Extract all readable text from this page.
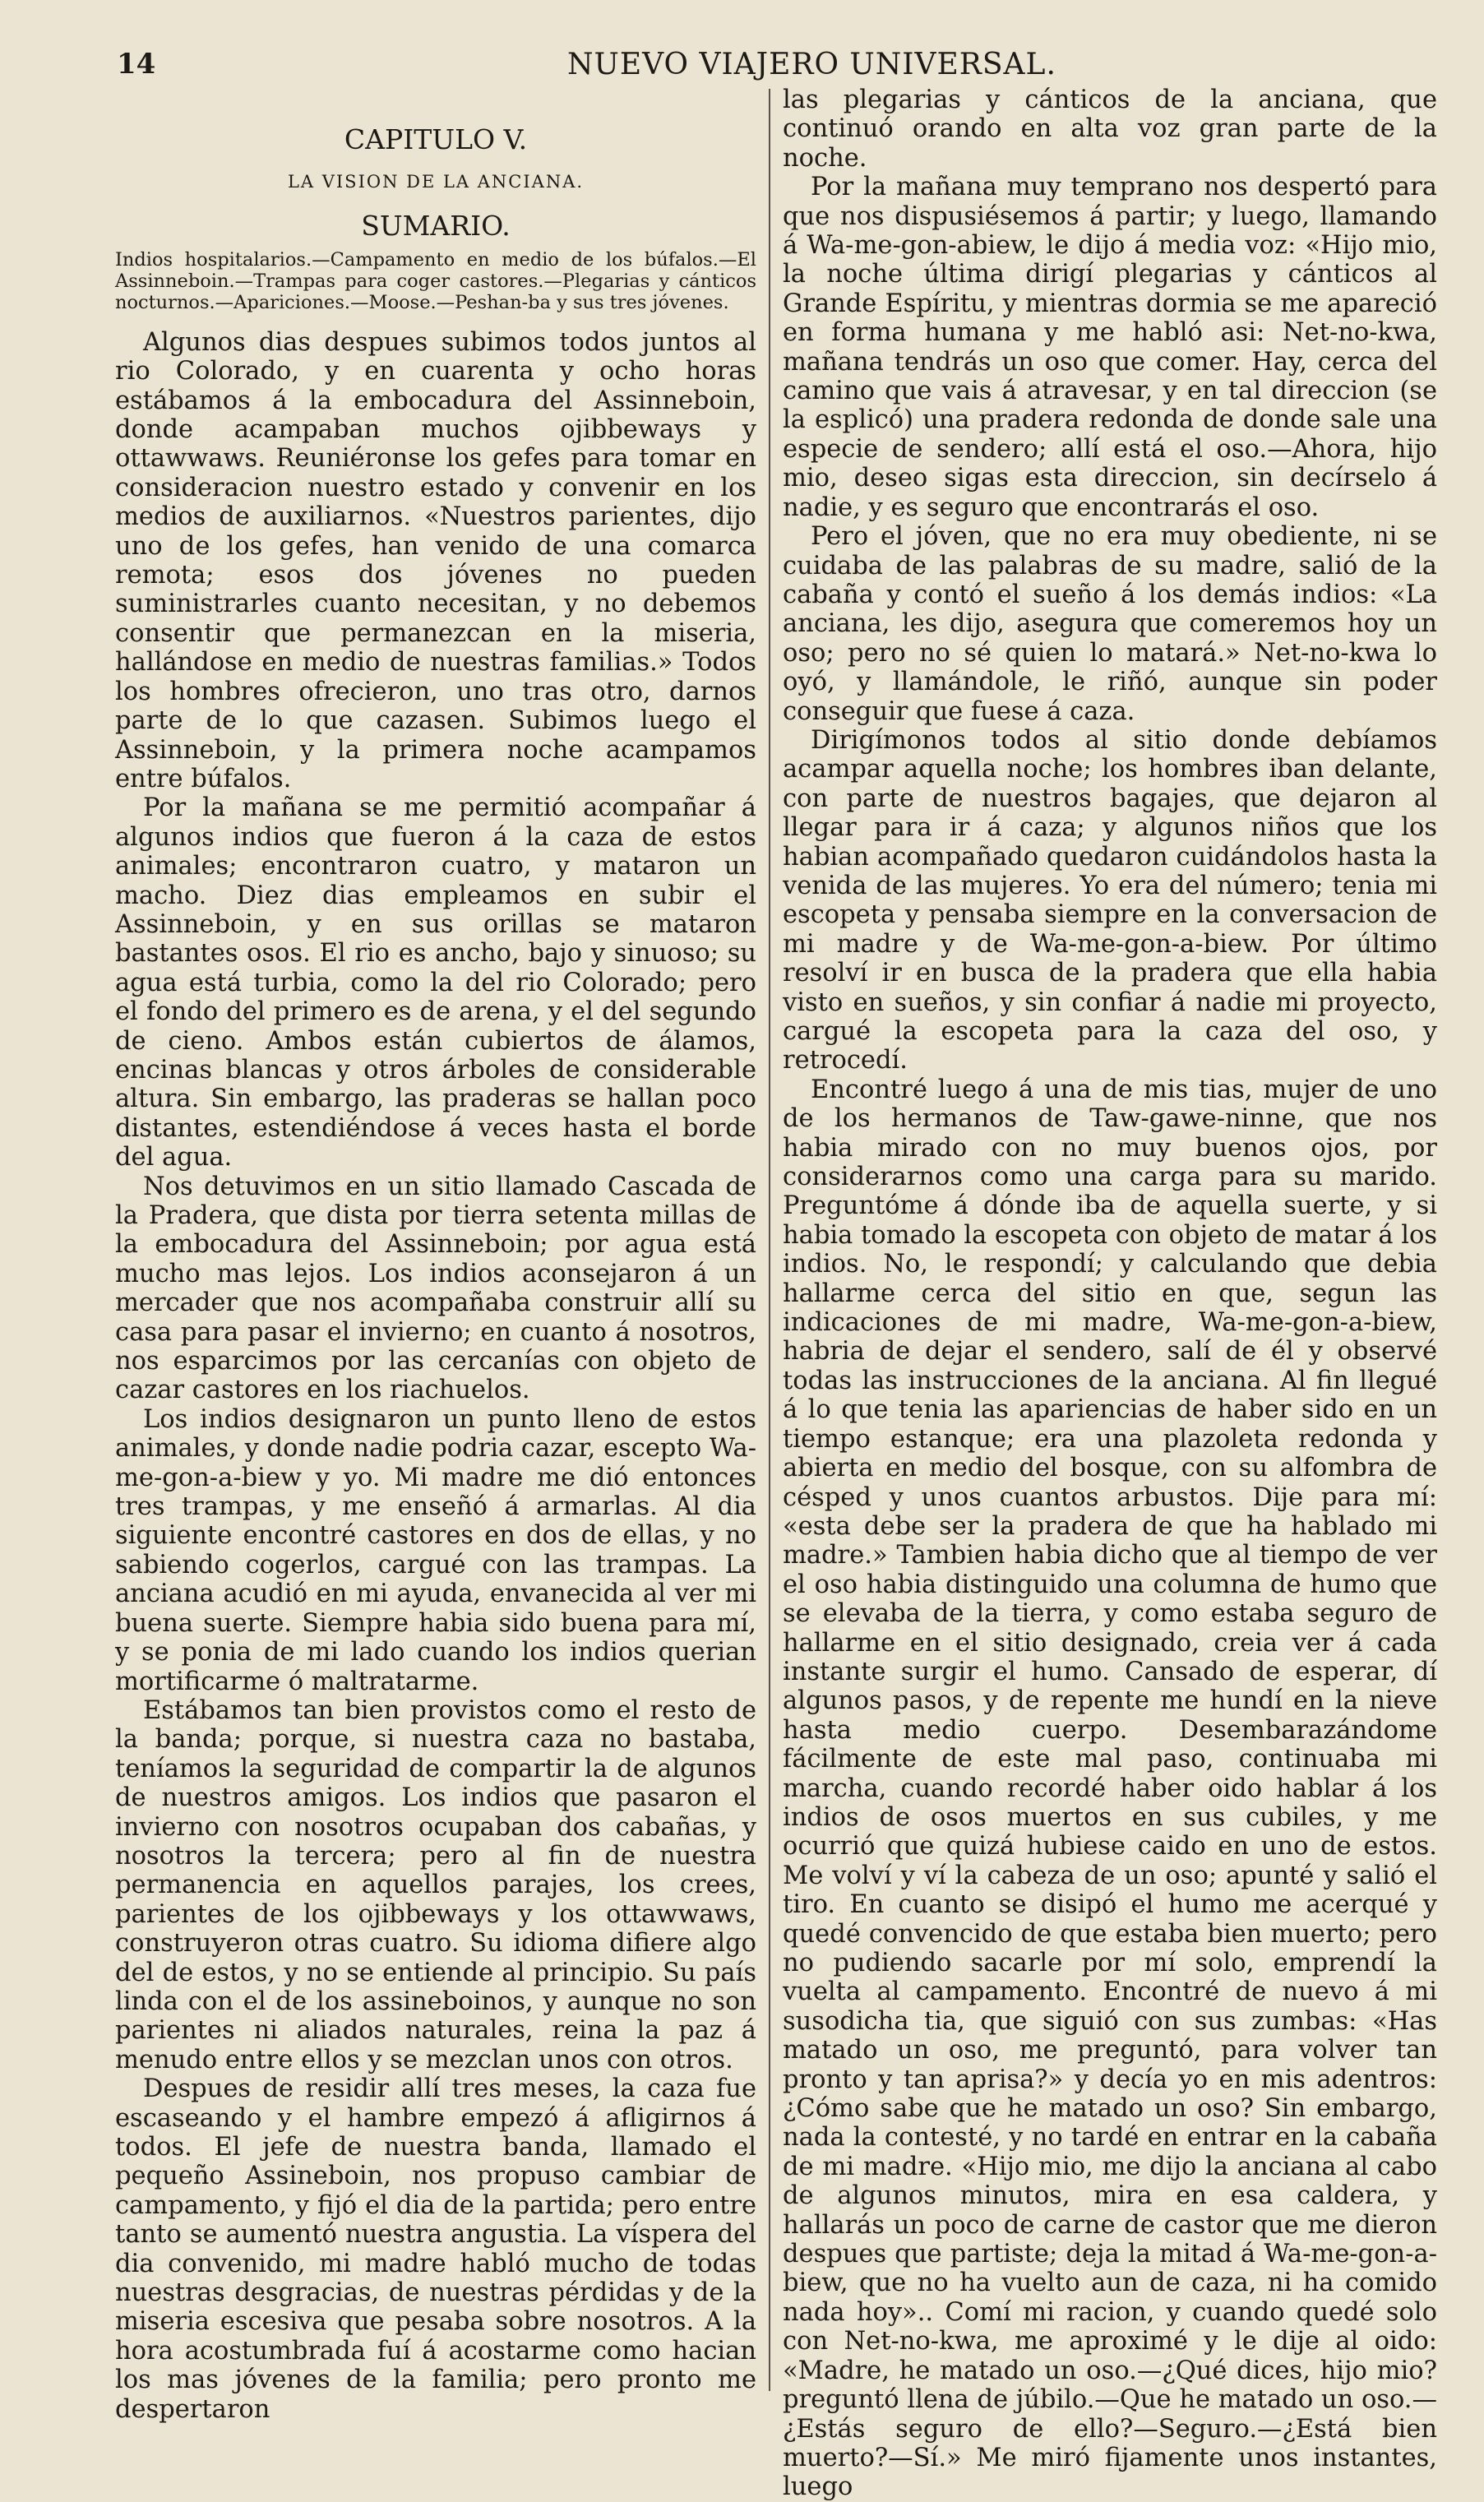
14	NUEVO VIAJERO UNIVERSAL.
CAPITULO V.
LA VISION DE LA ANCIANA.
SUMARIO.
Indios hospitalarios.—Campamento en medio de los búfalos.—El Assinneboin.—Trampas para coger castores.—Plegarias y cánticos nocturnos.—Apariciones.—Moose.—Peshan-ba y sus tres jóvenes.

Algunos dias despues subimos todos juntos al rio Colorado, y en cuarenta y ocho horas estábamos á la embocadura del Assinneboin, donde acampaban muchos ojibbeways y ottawwaws. Reuniéronse los gefes para tomar en consideracion nuestro estado y convenir en los medios de auxiliarnos. «Nuestros parientes, dijo uno de los gefes, han venido de una comarca remota; esos dos jóvenes no pueden suministrarles cuanto necesitan, y no debemos consentir que permanezcan en la miseria, hallándose en medio de nuestras familias.» Todos los hombres ofrecieron, uno tras otro, darnos parte de lo que cazasen. Subimos luego el Assinneboin, y la primera noche acampamos entre búfalos.

Por la mañana se me permitió acompañar á algunos indios que fueron á la caza de estos animales; encontraron cuatro, y mataron un macho. Diez dias empleamos en subir el Assinneboin, y en sus orillas se mataron bastantes osos. El rio es ancho, bajo y sinuoso; su agua está turbia, como la del rio Colorado; pero el fondo del primero es de arena, y el del segundo de cieno. Ambos están cubiertos de álamos, encinas blancas y otros árboles de considerable altura. Sin embargo, las praderas se hallan poco distantes, estendiéndose á veces hasta el borde del agua.

Nos detuvimos en un sitio llamado Cascada de la Pradera, que dista por tierra setenta millas de la embocadura del Assinneboin; por agua está mucho mas lejos. Los indios aconsejaron á un mercader que nos acompañaba construir allí su casa para pasar el invierno; en cuanto á nosotros, nos esparcimos por las cercanías con objeto de cazar castores en los riachuelos.

Los indios designaron un punto lleno de estos animales, y donde nadie podria cazar, escepto Wa-me-gon-a-biew y yo. Mi madre me dió entonces tres trampas, y me enseñó á armarlas. Al dia siguiente encontré castores en dos de ellas, y no sabiendo cogerlos, cargué con las trampas. La anciana acudió en mi ayuda, envanecida al ver mi buena suerte. Siempre habia sido buena para mí, y se ponia de mi lado cuando los indios querian mortificarme ó maltratarme.

Estábamos tan bien provistos como el resto de la banda; porque, si nuestra caza no bastaba, teníamos la seguridad de compartir la de algunos de nuestros amigos. Los indios que pasaron el invierno con nosotros ocupaban dos cabañas, y nosotros la tercera; pero al fin de nuestra permanencia en aquellos parajes, los crees, parientes de los ojibbeways y los ottawwaws, construyeron otras cuatro. Su idioma difiere algo del de estos, y no se entiende al principio. Su país linda con el de los assineboinos, y aunque no son parientes ni aliados naturales, reina la paz á menudo entre ellos y se mezclan unos con otros.

Despues de residir allí tres meses, la caza fue escaseando y el hambre empezó á afligirnos á todos. El jefe de nuestra banda, llamado el pequeño Assineboin, nos propuso cambiar de campamento, y fijó el dia de la partida; pero entre tanto se aumentó nuestra angustia. La víspera del dia convenido, mi madre habló mucho de todas nuestras desgracias, de nuestras pérdidas y de la miseria escesiva que pesaba sobre nosotros. A la hora acostumbrada fuí á acostarme como hacian los mas jóvenes de la familia; pero pronto me despertaron

las plegarias y cánticos de la anciana, que continuó orando en alta voz gran parte de la noche.

Por la mañana muy temprano nos despertó para que nos dispusiésemos á partir; y luego, llamando á Wa-me-gon-abiew, le dijo á media voz: «Hijo mio, la noche última dirigí plegarias y cánticos al Grande Espíritu, y mientras dormia se me apareció en forma humana y me habló asi: Net-no-kwa, mañana tendrás un oso que comer. Hay, cerca del camino que vais á atravesar, y en tal direccion (se la esplicó) una pradera redonda de donde sale una especie de sendero; allí está el oso.—Ahora, hijo mio, deseo sigas esta direccion, sin decírselo á nadie, y es seguro que encontrarás el oso.

Pero el jóven, que no era muy obediente, ni se cuidaba de las palabras de su madre, salió de la cabaña y contó el sueño á los demás indios: «La anciana, les dijo, asegura que comeremos hoy un oso; pero no sé quien lo matará.» Net-no-kwa lo oyó, y llamándole, le riñó, aunque sin poder conseguir que fuese á caza.

Dirigímonos todos al sitio donde debíamos acampar aquella noche; los hombres iban delante, con parte de nuestros bagajes, que dejaron al llegar para ir á caza; y algunos niños que los habian acompañado quedaron cuidándolos hasta la venida de las mujeres. Yo era del número; tenia mi escopeta y pensaba siempre en la conversacion de mi madre y de Wa-me-gon-a-biew. Por último resolví ir en busca de la pradera que ella habia visto en sueños, y sin confiar á nadie mi proyecto, cargué la escopeta para la caza del oso, y retrocedí.

Encontré luego á una de mis tias, mujer de uno de los hermanos de Taw-gawe-ninne, que nos habia mirado con no muy buenos ojos, por considerarnos como una carga para su marido. Preguntóme á dónde iba de aquella suerte, y si habia tomado la escopeta con objeto de matar á los indios. No, le respondí; y calculando que debia hallarme cerca del sitio en que, segun las indicaciones de mi madre, Wa-me-gon-a-biew, habria de dejar el sendero, salí de él y observé todas las instrucciones de la anciana. Al fin llegué á lo que tenia las apariencias de haber sido en un tiempo estanque; era una plazoleta redonda y abierta en medio del bosque, con su alfombra de césped y unos cuantos arbustos. Dije para mí: «esta debe ser la pradera de que ha hablado mi madre.» Tambien habia dicho que al tiempo de ver el oso habia distinguido una columna de humo que se elevaba de la tierra, y como estaba seguro de hallarme en el sitio designado, creia ver á cada instante surgir el humo. Cansado de esperar, dí algunos pasos, y de repente me hundí en la nieve hasta medio cuerpo. Desembarazándome fácilmente de este mal paso, continuaba mi marcha, cuando recordé haber oido hablar á los indios de osos muertos en sus cubiles, y me ocurrió que quizá hubiese caido en uno de estos. Me volví y ví la cabeza de un oso; apunté y salió el tiro. En cuanto se disipó el humo me acerqué y quedé convencido de que estaba bien muerto; pero no pudiendo sacarle por mí solo, emprendí la vuelta al campamento. Encontré de nuevo á mi susodicha tia, que siguió con sus zumbas: «Has matado un oso, me preguntó, para volver tan pronto y tan aprisa?» y decía yo en mis adentros: ¿Cómo sabe que he matado un oso? Sin embargo, nada la contesté, y no tardé en entrar en la cabaña de mi madre. «Hijo mio, me dijo la anciana al cabo de algunos minutos, mira en esa caldera, y hallarás un poco de carne de castor que me dieron despues que partiste; deja la mitad á Wa-me-gon-a-biew, que no ha vuelto aun de caza, ni ha comido nada hoy».. Comí mi racion, y cuando quedé solo con Net-no-kwa, me aproximé y le dije al oido: «Madre, he matado un oso.—¿Qué dices, hijo mio? preguntó llena de júbilo.—Que he matado un oso.—¿Estás seguro de ello?—Seguro.—¿Está bien muerto?—Sí.» Me miró fijamente unos instantes, luego
